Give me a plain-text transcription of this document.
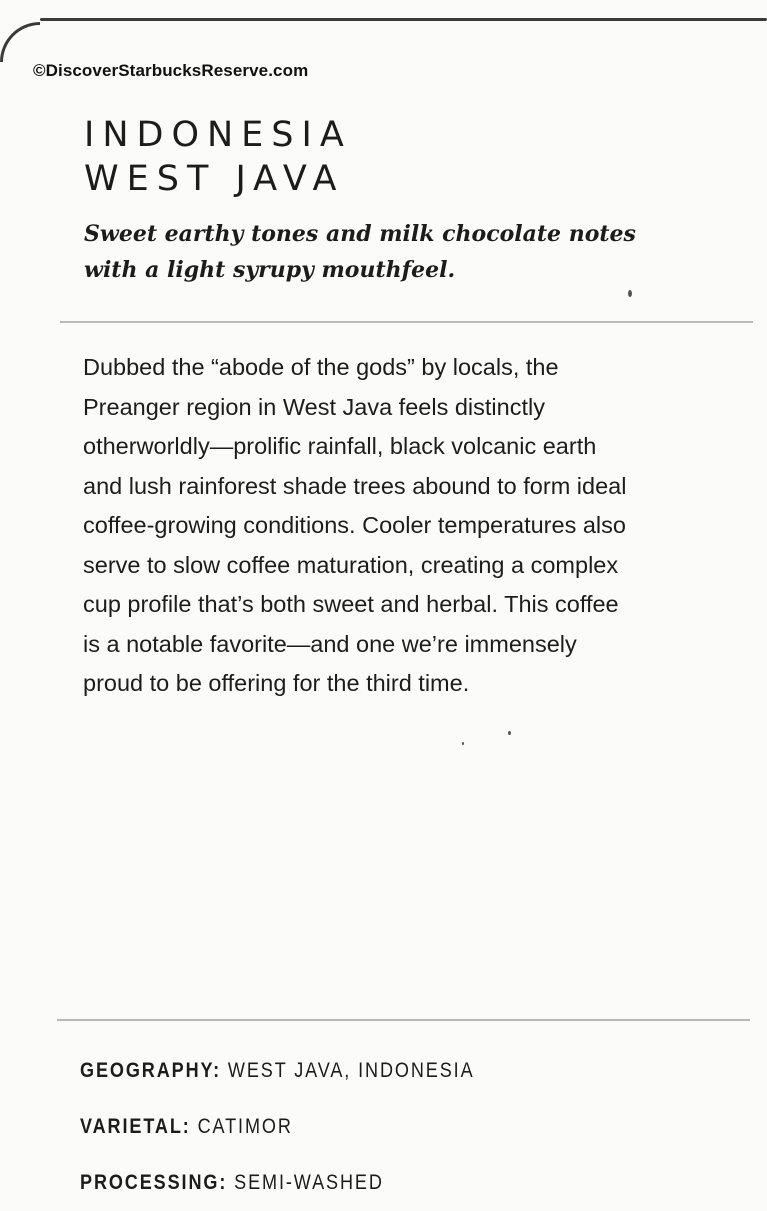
©DiscoverStarbucksReserve.com
INDONESIA
WEST JAVA

Sweet earthy tones and milk chocolate notes
with a light syrupy mouthfeel.

Dubbed the “abode of the gods” by locals, the
Preanger region in West Java feels distinctly
otherworldly—prolific rainfall, black volcanic earth
and lush rainforest shade trees abound to form ideal
coffee-growing conditions. Cooler temperatures also
serve to slow coffee maturation, creating a complex
cup profile that’s both sweet and herbal. This coffee
is a notable favorite—and one we’re immensely
proud to be offering for the third time.

GEOGRAPHY: WEST JAVA, INDONESIA
VARIETAL: CATIMOR
PROCESSING: SEMI-WASHED
